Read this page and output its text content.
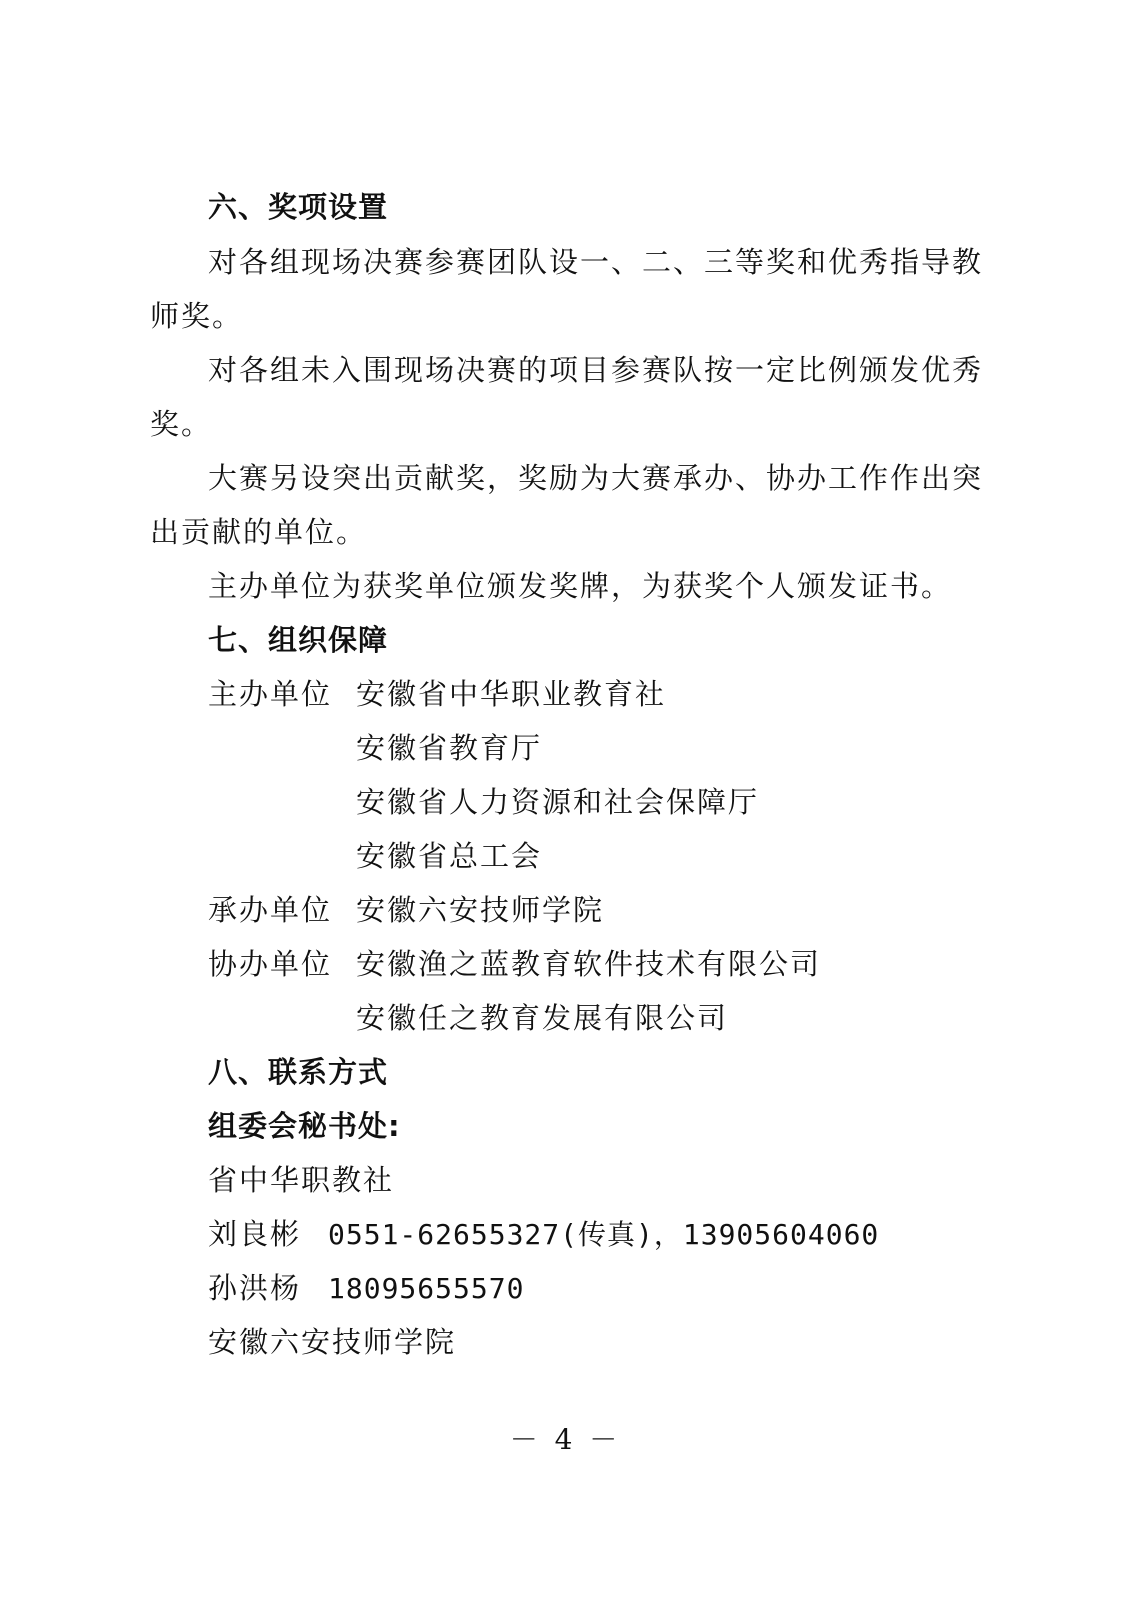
六、奖项设置
对各组现场决赛参赛团队设一、二、三等奖和优秀指导教
师奖。
对各组未入围现场决赛的项目参赛队按一定比例颁发优秀
奖。
大赛另设突出贡献奖，奖励为大赛承办、协办工作作出突
出贡献的单位。
主办单位为获奖单位颁发奖牌，为获奖个人颁发证书。
七、组织保障
主办单位 安徽省中华职业教育社
安徽省教育厅
安徽省人力资源和社会保障厅
安徽省总工会
承办单位 安徽六安技师学院
协办单位 安徽渔之蓝教育软件技术有限公司
安徽任之教育发展有限公司
八、联系方式
组委会秘书处:
省中华职教社
刘良彬 0551-62655327(传真)，13905604060
孙洪杨 18095655570
安徽六安技师学院
－ 4 －
